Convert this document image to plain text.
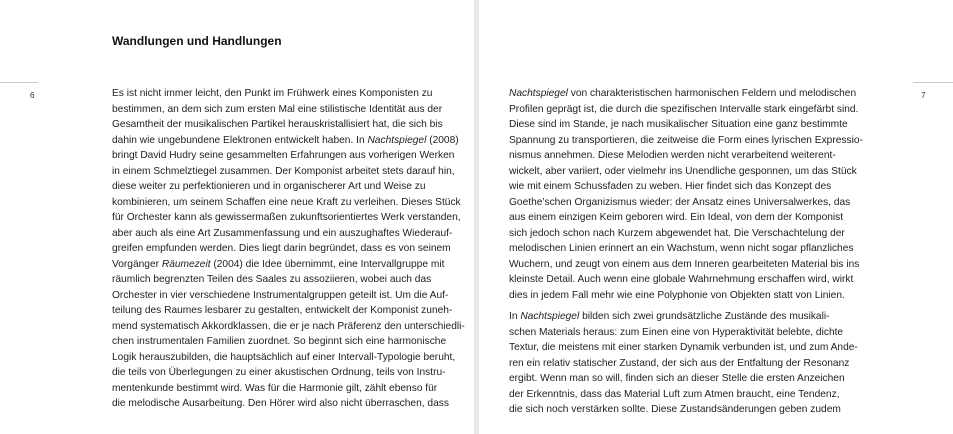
Wandlungen und Handlungen
6	Es ist nicht immer leicht, den Punkt im Frühwerk eines Komponisten zu
bestimmen, an dem sich zum ersten Mal eine stilistische Identität aus der
Gesamtheit der musikalischen Partikel herauskristallisiert hat, die sich bis
dahin wie ungebundene Elektronen entwickelt haben. In Nachtspiegel (2008)
bringt David Hudry seine gesammelten Erfahrungen aus vorherigen Werken
in einem Schmelztiegel zusammen. Der Komponist arbeitet stets darauf hin,
diese weiter zu perfektionieren und in organischerer Art und Weise zu
kombinieren, um seinem Schaffen eine neue Kraft zu verleihen. Dieses Stück
für Orchester kann als gewissermaßen zukunftsorientiertes Werk verstanden,
aber auch als eine Art Zusammenfassung und ein auszughaftes Wiederauf-
greifen empfunden werden. Dies liegt darin begründet, dass es von seinem
Vorgänger Räumezeit (2004) die Idee übernimmt, eine Intervallgruppe mit
räumlich begrenzten Teilen des Saales zu assoziieren, wobei auch das
Orchester in vier verschiedene Instrumentalgruppen geteilt ist. Um die Auf-
teilung des Raumes lesbarer zu gestalten, entwickelt der Komponist zuneh-
mend systematisch Akkordklassen, die er je nach Präferenz den unterschiedli-
chen instrumentalen Familien zuordnet. So beginnt sich eine harmonische
Logik herauszubilden, die hauptsächlich auf einer Intervall-Typologie beruht,
die teils von Überlegungen zu einer akustischen Ordnung, teils von Instru-
mentenkunde bestimmt wird. Was für die Harmonie gilt, zählt ebenso für
die melodische Ausarbeitung. Den Hörer wird also nicht überraschen, dass
7
Nachtspiegel von charakteristischen harmonischen Feldern und melodischen
Profilen geprägt ist, die durch die spezifischen Intervalle stark eingefärbt sind.
Diese sind im Stande, je nach musikalischer Situation eine ganz bestimmte
Spannung zu transportieren, die zeitweise die Form eines lyrischen Expressio-
nismus annehmen. Diese Melodien werden nicht verarbeitend weiterent-
wickelt, aber variiert, oder vielmehr ins Unendliche gesponnen, um das Stück
wie mit einem Schussfaden zu weben. Hier findet sich das Konzept des
Goethe’schen Organizismus wieder: der Ansatz eines Universalwerkes, das
aus einem einzigen Keim geboren wird. Ein Ideal, von dem der Komponist
sich jedoch schon nach Kurzem abgewendet hat. Die Verschachtelung der
melodischen Linien erinnert an ein Wachstum, wenn nicht sogar pflanzliches
Wuchern, und zeugt von einem aus dem Inneren gearbeiteten Material bis ins
kleinste Detail. Auch wenn eine globale Wahrnehmung erschaffen wird, wirkt
dies in jedem Fall mehr wie eine Polyphonie von Objekten statt von Linien.
In Nachtspiegel bilden sich zwei grundsätzliche Zustände des musikali-
schen Materials heraus: zum Einen eine von Hyperaktivität belebte, dichte
Textur, die meistens mit einer starken Dynamik verbunden ist, und zum Ande-
ren ein relativ statischer Zustand, der sich aus der Entfaltung der Resonanz
ergibt. Wenn man so will, finden sich an dieser Stelle die ersten Anzeichen
der Erkenntnis, dass das Material Luft zum Atmen braucht, eine Tendenz,
die sich noch verstärken sollte. Diese Zustandsänderungen geben zudem
